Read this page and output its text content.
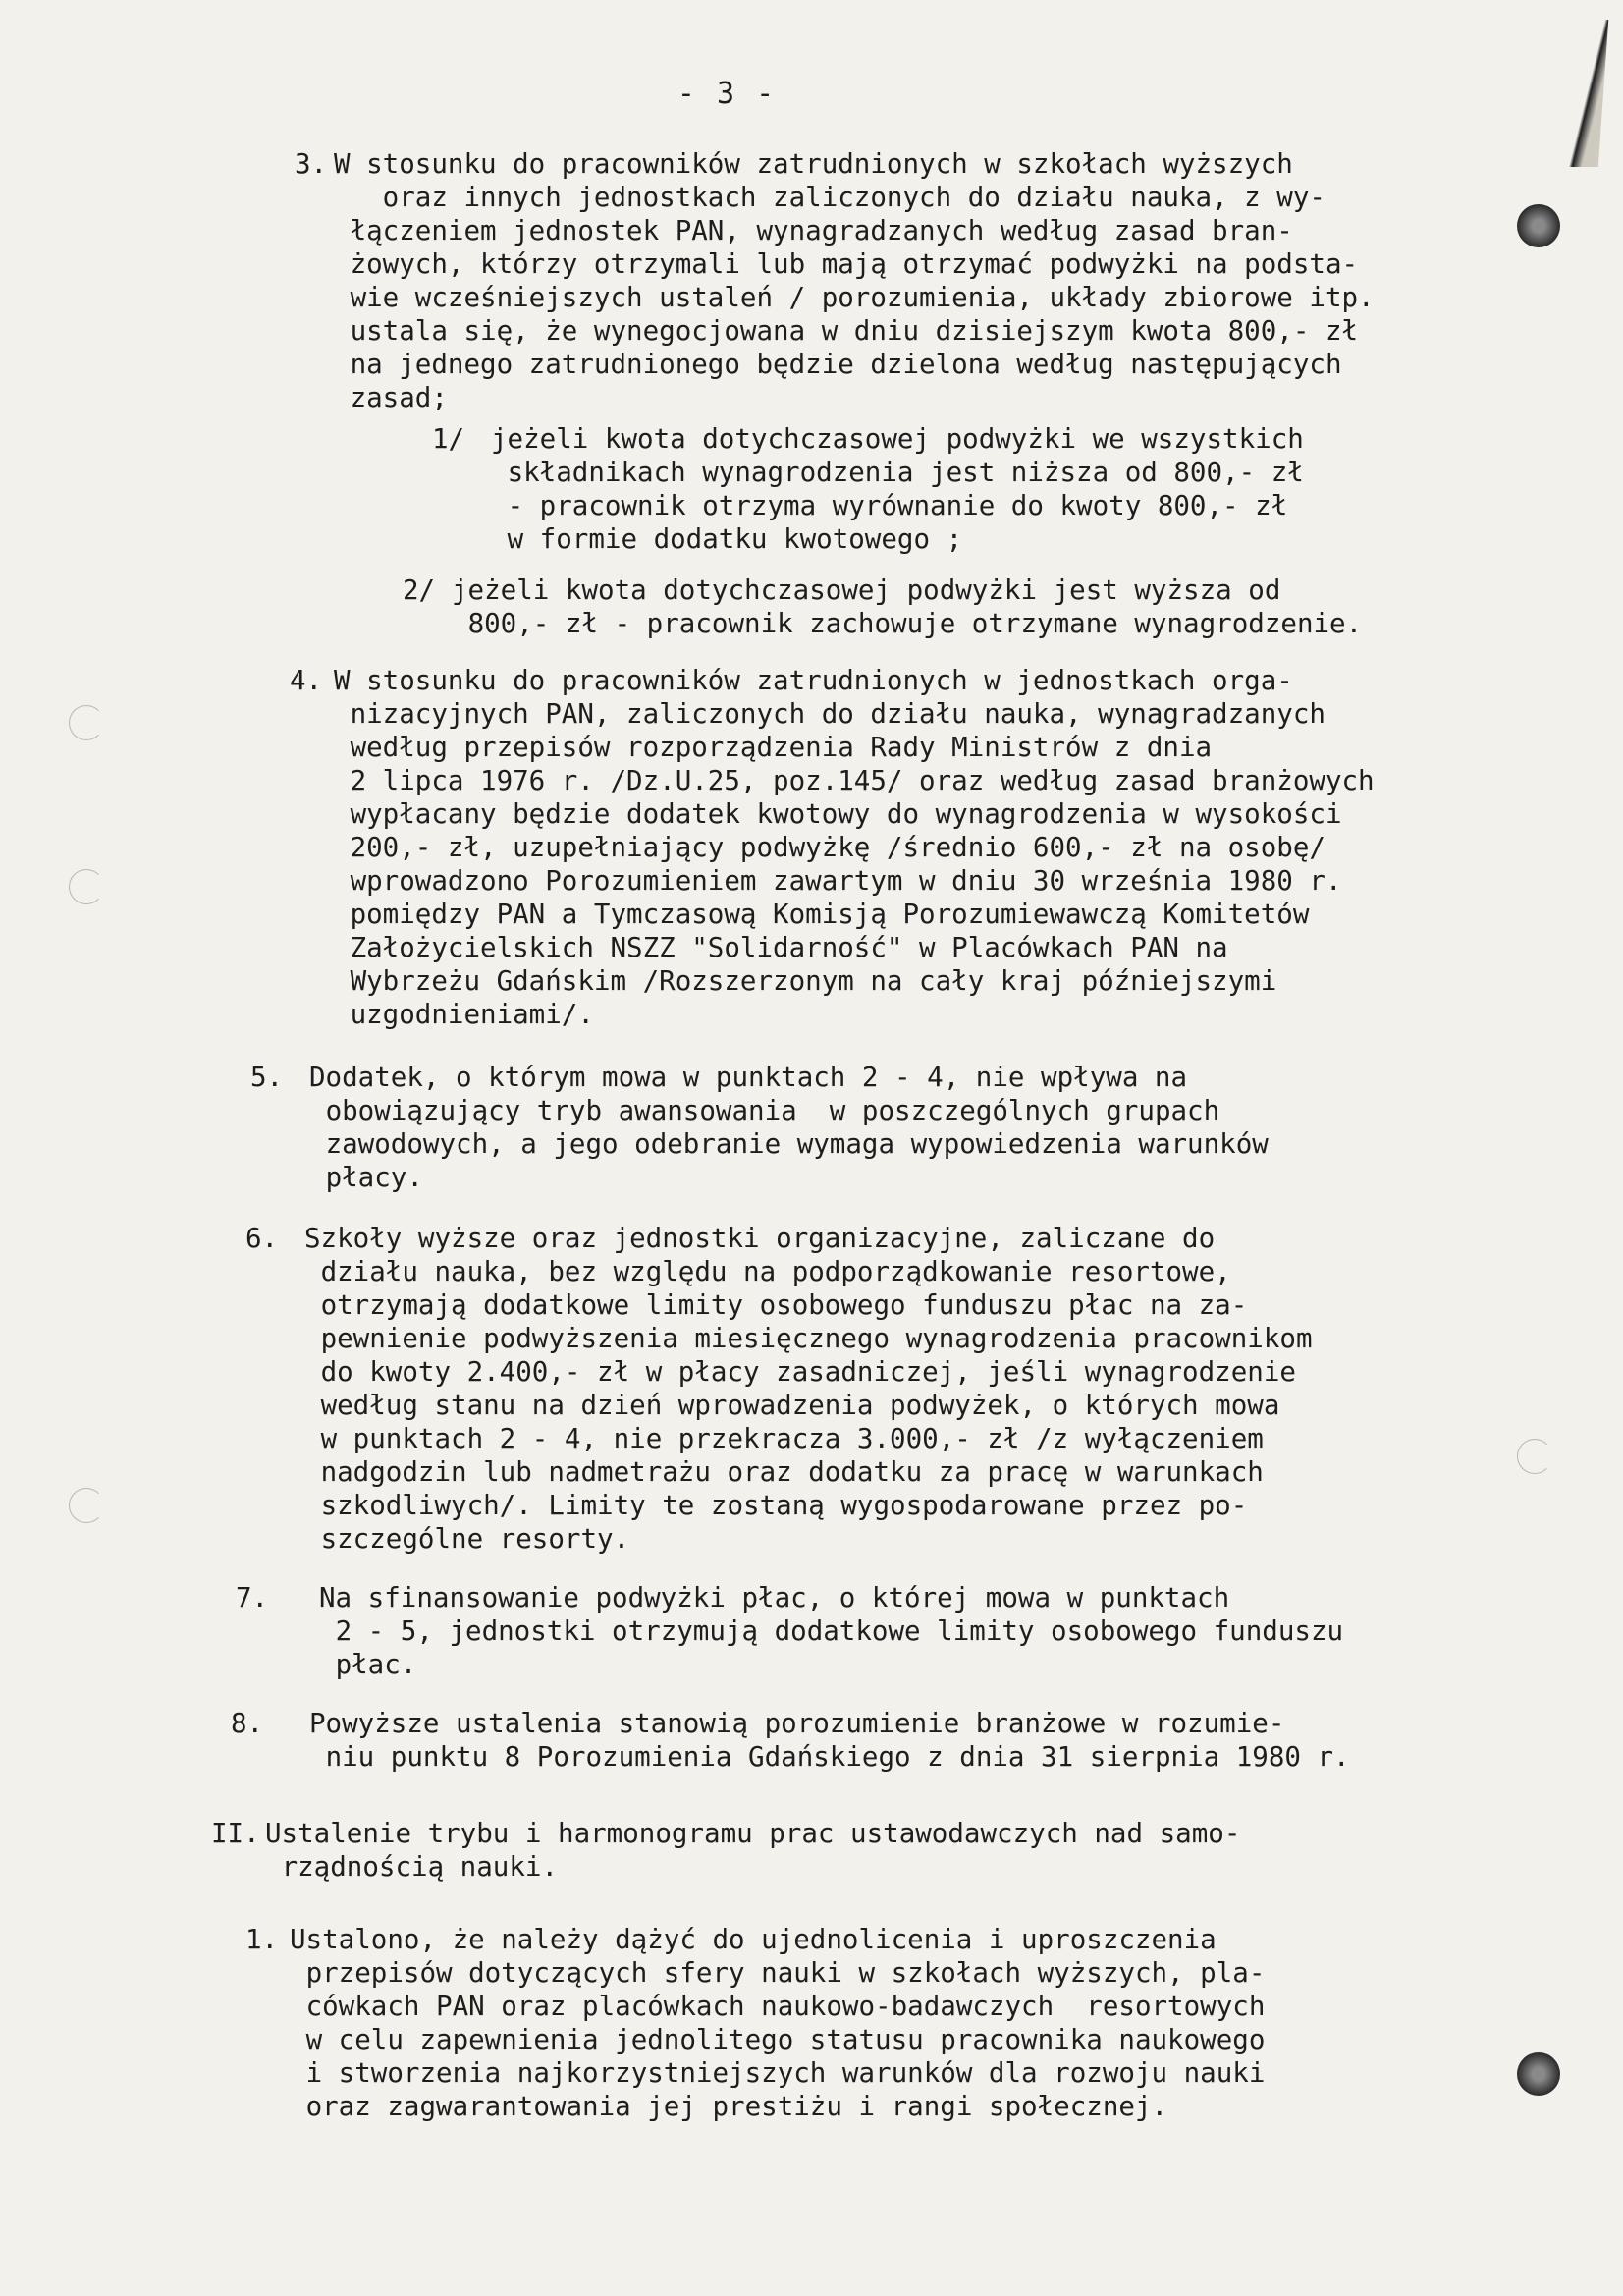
- 3 -
3. W stosunku do pracowników zatrudnionych w szkołach wyższych
oraz innych jednostkach zaliczonych do działu nauka, z wy-
łączeniem jednostek PAN, wynagradzanych według zasad bran-
żowych, którzy otrzymali lub mają otrzymać podwyżki na podsta-
wie wcześniejszych ustaleń / porozumienia, układy zbiorowe itp.
ustala się, że wynegocjowana w dniu dzisiejszym kwota 800,- zł
na jednego zatrudnionego będzie dzielona według następujących
zasad;
1/ jeżeli kwota dotychczasowej podwyżki we wszystkich
składnikach wynagrodzenia jest niższa od 800,- zł
- pracownik otrzyma wyrównanie do kwoty 800,- zł
w formie dodatku kwotowego ;
2/ jeżeli kwota dotychczasowej podwyżki jest wyższa od
800,- zł - pracownik zachowuje otrzymane wynagrodzenie.
4. W stosunku do pracowników zatrudnionych w jednostkach orga-
nizacyjnych PAN, zaliczonych do działu nauka, wynagradzanych
według przepisów rozporządzenia Rady Ministrów z dnia
2 lipca 1976 r. /Dz.U.25, poz.145/ oraz według zasad branżowych
wypłacany będzie dodatek kwotowy do wynagrodzenia w wysokości
200,- zł, uzupełniający podwyżkę /średnio 600,- zł na osobę/
wprowadzono Porozumieniem zawartym w dniu 30 września 1980 r.
pomiędzy PAN a Tymczasową Komisją Porozumiewawczą Komitetów
Założycielskich NSZZ "Solidarność" w Placówkach PAN na
Wybrzeżu Gdańskim /Rozszerzonym na cały kraj późniejszymi
uzgodnieniami/.
5. Dodatek, o którym mowa w punktach 2 - 4, nie wpływa na
obowiązujący tryb awansowania  w poszczególnych grupach
zawodowych, a jego odebranie wymaga wypowiedzenia warunków
płacy.
6. Szkoły wyższe oraz jednostki organizacyjne, zaliczane do
działu nauka, bez względu na podporządkowanie resortowe,
otrzymają dodatkowe limity osobowego funduszu płac na za-
pewnienie podwyższenia miesięcznego wynagrodzenia pracownikom
do kwoty 2.400,- zł w płacy zasadniczej, jeśli wynagrodzenie
według stanu na dzień wprowadzenia podwyżek, o których mowa
w punktach 2 - 4, nie przekracza 3.000,- zł /z wyłączeniem
nadgodzin lub nadmetrażu oraz dodatku za pracę w warunkach
szkodliwych/. Limity te zostaną wygospodarowane przez po-
szczególne resorty.
7. Na sfinansowanie podwyżki płac, o której mowa w punktach
2 - 5, jednostki otrzymują dodatkowe limity osobowego funduszu
płac.
8. Powyższe ustalenia stanowią porozumienie branżowe w rozumie-
niu punktu 8 Porozumienia Gdańskiego z dnia 31 sierpnia 1980 r.
II. Ustalenie trybu i harmonogramu prac ustawodawczych nad samo-
rządnością nauki.
1. Ustalono, że należy dążyć do ujednolicenia i uproszczenia
przepisów dotyczących sfery nauki w szkołach wyższych, pla-
cówkach PAN oraz placówkach naukowo-badawczych  resortowych
w celu zapewnienia jednolitego statusu pracownika naukowego
i stworzenia najkorzystniejszych warunków dla rozwoju nauki
oraz zagwarantowania jej prestiżu i rangi społecznej.
